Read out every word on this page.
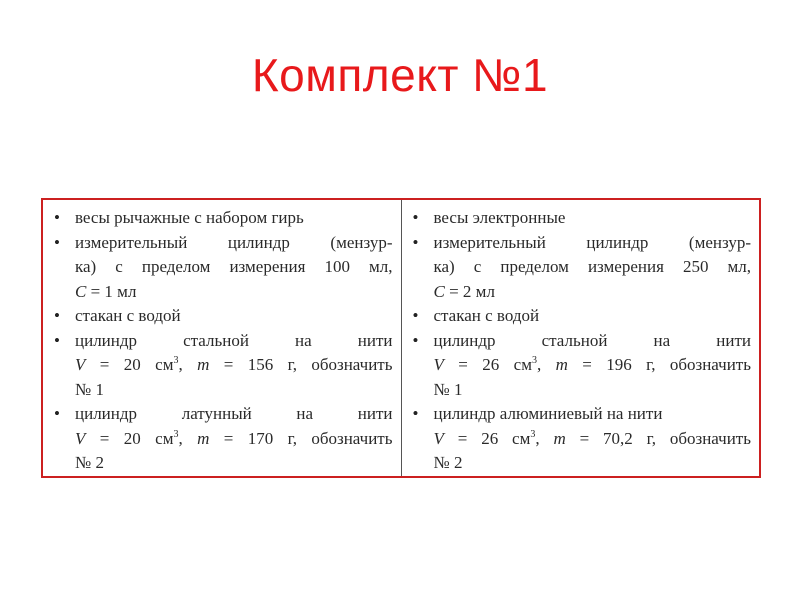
Комплект №1
• весы рычажные с набором гирь
• измерительный цилиндр (мензур-
ка) с пределом измерения 100 мл,
C = 1 мл
• стакан с водой
• цилиндр стальной на нити
V = 20 $см^3$, m = 156 г, обозначить
№ 1
• цилиндр латунный на нити
V = 20 $см^3$, m = 170 г, обозначить
№ 2
• весы электронные
• измерительный цилиндр (мензур-
ка) с пределом измерения 250 мл,
C = 2 мл
• стакан с водой
• цилиндр стальной на нити
V = 26 $см^3$, m = 196 г, обозначить
№ 1
• цилиндр алюминиевый на нити
V = 26 $см^3$, m = 70,2 г, обозначить
№ 2
